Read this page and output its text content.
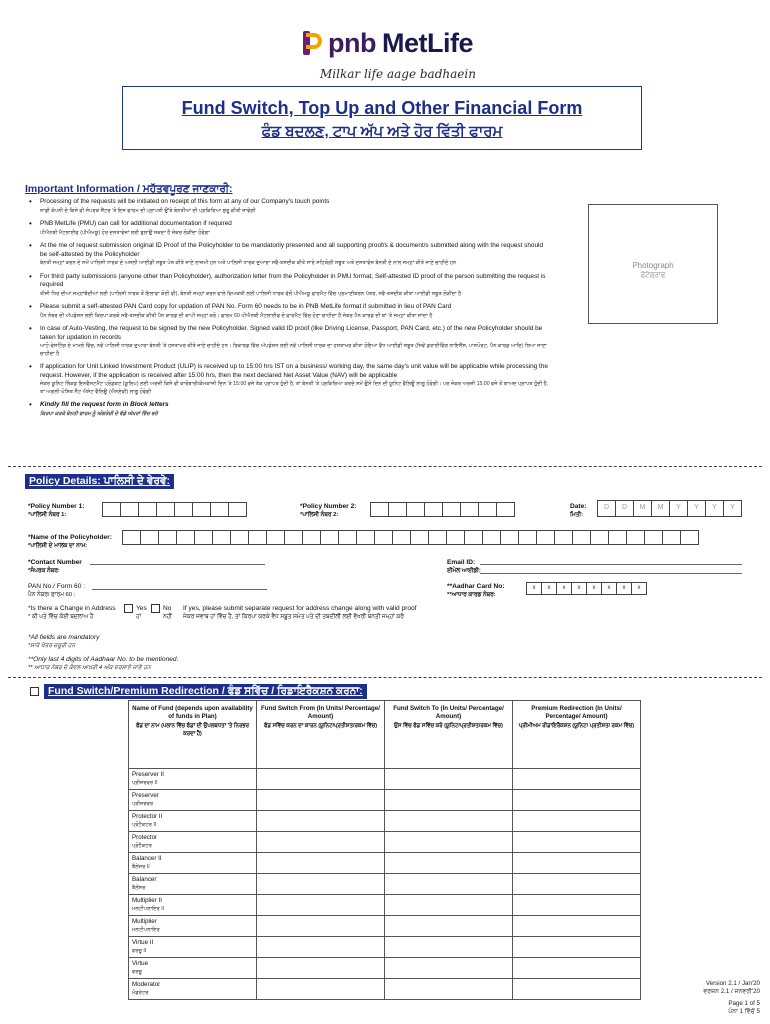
pnb MetLife
Milkar life aage badhaein
Fund Switch, Top Up and Other Financial Form
ਫੰਡ ਬਦਲਣ, ਟਾਪ ਅੱਪ ਅਤੇ ਹੋਰ ਵਿੱਤੀ ਫਾਰਮ
Important Information / ਮਹੱਤਵਪੂਰਣ ਜਾਣਕਾਰੀ:
• Processing of the requests will be initiated on receipt of this form at any of our Company's touch points
ਸਾਡੀ ਕੰਪਨੀ ਦੇ ਕਿਸੇ ਵੀ ਸੰਪਰਕ ਸੈਂਟਰ 'ਤੇ ਇਸ ਫਾਰਮ ਦੀ ਪ੍ਰਾਪਤੀ ਉੱਤੇ ਬੇਨਤੀਆਂ ਦੀ ਪ੍ਰਕਿਰਿਆ ਸ਼ੁਰੂ ਕੀਤੀ ਜਾਵੇਗੀ
• PNB MetLife (PMU) can call for additional documentation if required
ਪੀਐਨਬੀ ਮੈਟਲਾਈਫ (ਪੀਐਮਯੂ) ਹੋਰ ਦਸਤਾਵੇਜ਼ਾਂ ਲਈ ਬੁਲਾਉਂ ਸਕਦਾ ਹੈ ਜੇਕਰ ਲੋੜੀਂਦਾ ਹੋਵੇਗਾ
• At the me of request submission original ID Proof of the Policyholder to be mandatorily presented and all supporting proof/s & document/s submitted along with the request should be self-attested by the Policyholder
ਬੇਨਤੀ ਜਮ੍ਹਾਂ ਕਰਨ ਦੇ ਸਮੇਂ ਪਾਲਿਸੀ ਧਾਰਕ ਦੇ ਅਸਲੀ ਆਈਡੀ ਸਬੂਤ ਪੇਸ਼ ਕੀਤੇ ਜਾਣੇ ਲਾਜ਼ਮੀ ਹਨ ਅਤੇ ਪਾਲਿਸੀ ਧਾਰਕ ਦੁਆਰਾ ਸਵੈ-ਤਸਦੀਕ ਕੀਤੇ ਸਾਰੇ ਸਹਿਯੋਗੀ ਸਬੂਤ ਅਤੇ ਦਸਤਾਵੇਜ਼ ਬੇਨਤੀ ਦੇ ਨਾਲ ਜਮ੍ਹਾਂ ਕੀਤੇ ਜਾਣੇ ਚਾਹੀਦੇ ਹਨ
• For third party submissions (anyone other than Policyholder), authorization letter from the Policyholder in PMU format, Self-attested ID proof of the person submitting the request is required
ਤੀਜੀ ਧਿਰ ਦੀਆਂ ਜਮ੍ਹਾਂਬੰਦੀਆਂ ਲਈ (ਪਾਲਿਸੀ ਧਾਰਕ ਤੋਂ ਇਲਾਵਾ ਕੋਈ ਵੀ), ਬੇਨਤੀ ਜਮ੍ਹਾਂ ਕਰਨ ਵਾਲੇ ਵਿਅਕਤੀ ਲਈ ਪਾਲਿਸੀ ਧਾਰਕ ਵੱਲੋਂ ਪੀਐਮਯੂ ਫਾਰਮੈਟ ਵਿੱਚ ਪ੍ਰਮਾਣੀਕਰਨ ਪੱਤਰ, ਸਵੈ-ਤਸਦੀਕ ਕੀਤਾ ਆਈਡੀ ਸਬੂਤ ਲੋੜੀਂਦਾ ਹੈ
• Please submit a self-attested PAN Card copy for updation of PAN No. Form 60 needs to be in PNB MetLife format if submitted in lieu of PAN Card
ਪੈਨ ਨੰਬਰ ਦੀ ਅੱਪਡੇਸ਼ਨ ਲਈ ਕਿਰਪਾ ਕਰਕੇ ਸਵੈ-ਤਸਦੀਕ ਕੀਤੀ ਪੈਨ ਕਾਰਡ ਦੀ ਕਾਪੀ ਜਮ੍ਹਾਂ ਕਰੋ। ਫਾਰਮ 60 ਪੀਐਨਬੀ ਮੈਟਲਾਈਫ ਦੇ ਫਾਰਮੈਟ ਵਿੱਚ ਹੋਣਾ ਚਾਹੀਦਾ ਹੈ ਜੇਕਰ ਪੈਨ ਕਾਰਡ ਦੀ ਥਾਂ 'ਤੇ ਜਮ੍ਹਾਂ ਕੀਤਾ ਜਾਂਦਾ ਹੈ
• In case of Auto-Vesting, the request to be signed by the new Policyholder. Signed valid ID proof (like Driving License, Passport, PAN Card, etc.) of the new Policyholder should be taken for updation in records
ਆਟੋ-ਵੇਸਟਿੰਗ ਦੇ ਮਾਮਲੇ ਵਿੱਚ, ਨਵੇਂ ਪਾਲਿਸੀ ਧਾਰਕ ਦੁਆਰਾ ਬੇਨਤੀ 'ਤੇ ਹਸਤਾਖਰ ਕੀਤੇ ਜਾਣੇ ਚਾਹੀਦੇ ਹਨ। ਰਿਕਾਰਡ ਵਿੱਚ ਅੱਪਡੇਸ਼ਨ ਲਈ ਨਵੇਂ ਪਾਲਿਸੀ ਧਾਰਕ ਦਾ ਹਸਤਾਖਰ ਕੀਤਾ ਹੋਇਆ ਵੈਧ ਆਈਡੀ ਸਬੂਤ (ਜਿਵੇਂ ਡਰਾਈਵਿੰਗ ਲਾਇਸੈਂਸ, ਪਾਸਪੋਰਟ, ਪੈਨ ਕਾਰਡ ਆਦਿ) ਲਿਆ ਜਾਣਾ ਚਾਹੀਦਾ ਹੈ
• If application for Unit Linked Investment Product (ULIP) is received up to 15:00 hrs IST on a business/ working day, the same day's unit value will be applicable while processing the request. However, if the application is received after 15:00 hrs, then the next declared Net Asset Value (NAV) will be applicable
ਜੇਕਰ ਯੂਨਿਟ ਲਿੰਕਡ ਇਨਵੈਸਟਮੈਂਟ ਪ੍ਰੋਡਕਟ (ਯੂਲਿਪ) ਲਈ ਅਰਜ਼ੀ ਕਿਸੇ ਵੀ ਕਾਰੋਬਾਰੀ/ਕੰਮਕਾਜੀ ਦਿਨ 'ਤੇ 15:00 ਵਜੇ ਤੱਕ ਪ੍ਰਾਪਤ ਹੁੰਦੀ ਹੈ, ਤਾਂ ਬੇਨਤੀ 'ਤੇ ਪ੍ਰਕਿਰਿਆ ਕਰਦੇ ਸਮੇਂ ਉਸੇ ਦਿਨ ਦੀ ਯੂਨਿਟ ਵੈਲਿਊ ਲਾਗੂ ਹੋਵੇਗੀ। ਪਰ ਜੇਕਰ ਅਰਜ਼ੀ 15:00 ਵਜੇ ਤੋਂ ਬਾਅਦ ਪ੍ਰਾਪਤ ਹੁੰਦੀ ਹੈ, ਤਾਂ ਅਗਲੀ ਘੋਸ਼ਿਤ ਨੈੱਟ ਐਸੇਟ ਵੈਲਿਊ (ਐਨਏਵੀ) ਲਾਗੂ ਹੋਵੇਗੀ
• Kindly fill the request form in Block letters
ਕਿਰਪਾ ਕਰਕੇ ਬੇਨਤੀ ਫਾਰਮ ਨੂੰ ਅੰਗਰੇਜ਼ੀ ਦੇ ਵੱਡੇ ਅੱਖਰਾਂ ਵਿੱਚ ਭਰੋ
Photograph
ਫੋਟੋਗ੍ਰਾਫ
Policy Details: ਪਾਲਿਸੀ ਦੇ ਵੇਰਵੇ:
*Policy Number 1:
*ਪਾਲਿਸੀ ਨੰਬਰ 1:
*Policy Number 2:
*ਪਾਲਿਸੀ ਨੰਬਰ 2:
Date:
ਮਿਤੀ:
D	D	M	M	Y	Y	Y	Y
*Name of the Policyholder:
*ਪਾਲਿਸੀ ਦੇ ਮਾਲਕ ਦਾ ਨਾਮ:
*Contact Number
*ਸੰਪਰਕ ਨੰਬਰ:
Email ID:
ਈਮੇਲ ਆਈਡੀ:
PAN No./ Form 60 :
ਪੈਨ ਨੰਬਰ/ ਫਾਰਮ 60 :
**Aadhar Card No:
**ਆਧਾਰ ਕਾਰਡ ਨੰਬਰ:
x	x	x	x	x	x	x	x
*Is there a Change in Address
* ਕੀ ਪਤੇ ਵਿੱਚ ਕੋਈ ਬਦਲਾਅ ਹੈ
Yes
ਹਾਂ
No
ਨਹੀਂ
If yes, please submit separate request for address change along with valid proof
ਜੇਕਰ ਜਵਾਬ ਹਾਂ ਵਿੱਚ ਹੈ, ਤਾਂ ਕਿਰਪਾ ਕਰਕੇ ਵੈਧ ਸਬੂਤ ਸਮੇਤ ਪਤੇ ਦੀ ਤਬਦੀਲੀ ਲਈ ਵੱਖਰੀ ਬੇਨਤੀ ਜਮ੍ਹਾਂ ਕਰੋ
*All fields are mandatory
*ਸਾਰੇ ਖੇਤਰ ਜ਼ਰੂਰੀ ਹਨ
**Only last 4 digits of Aadhaar No. to be mentioned.
** ਆਧਾਰ ਨੰਬਰ ਦੇ ਕੇਵਲ ਆਖਰੀ 4 ਅੰਕ ਦਰਸਾਏ ਜਾਣੇ ਹਨ
Fund Switch/Premium Redirection / ਫੰਡ ਸਵਿੱਚ / ਰਿਡਾਇਰੈਕਸ਼ਨ ਕਰਨਾ:
Name of Fund (depends upon availability of funds in Plan)
ਫੰਡ ਦਾ ਨਾਮ (ਪਲਾਨ ਵਿੱਚ ਫੰਡਾਂ ਦੀ ਉਪਲਬਧਤਾ 'ਤੇ ਨਿਰਭਰ ਕਰਦਾ ਹੈ)	Fund Switch From (In Units/ Percentage/ Amount)
ਫੰਡ ਸਵਿੱਚ ਕਰਨ ਦਾ ਕਾਰਨ (ਯੂਨਿਟ/ਪ੍ਰਤੀਸ਼ਤ/ਰਕਮ ਵਿੱਚ)	Fund Switch To (In Units/ Percentage/ Amount)
ਉਸ ਵਿੱਚ ਫੰਡ ਸਵਿੱਚ ਕਰੋ (ਯੂਨਿਟ/ਪ੍ਰਤੀਸ਼ਤ/ਰਕਮ ਵਿੱਚ)	Premium Redirection (In Units/ Percentage/ Amount)
ਪ੍ਰੀਮੀਅਮ ਰੀਡਾਇਰੈਕਸ਼ਨ (ਯੂਨਿਟ/ ਪ੍ਰਤੀਸ਼ਤ/ ਰਕਮ ਵਿੱਚ)

Preserver II
ਪ੍ਰੀਜ਼ਰਵਰ II			

Preserver
ਪ੍ਰੀਜ਼ਰਵਰ			

Protector II
ਪ੍ਰੋਟੈਕਟਰ II			

Protector
ਪ੍ਰੋਟੈਕਟਰ			

Balancer II
ਬੈਲੇਂਸਰ II			

Balancer
ਬੈਲੇਂਸਰ			

Multiplier II
ਮਲਟੀਪਲਾਇਰ II			

Multiplier
ਮਲਟੀਪਲਾਇਰ			

Virtue II
ਵਰਚੂ II			

Virtue
ਵਰਚੂ			

Moderator
ਮੌਡਰੇਟਰ			

Version 2.1 / Jan'20
ਵਰਜ਼ਨ 2.1 / ਜਨਵਰੀ'20
Page 1 of 5
ਪੰਨਾ 1 ਵਿੱਚੋਂ 5
